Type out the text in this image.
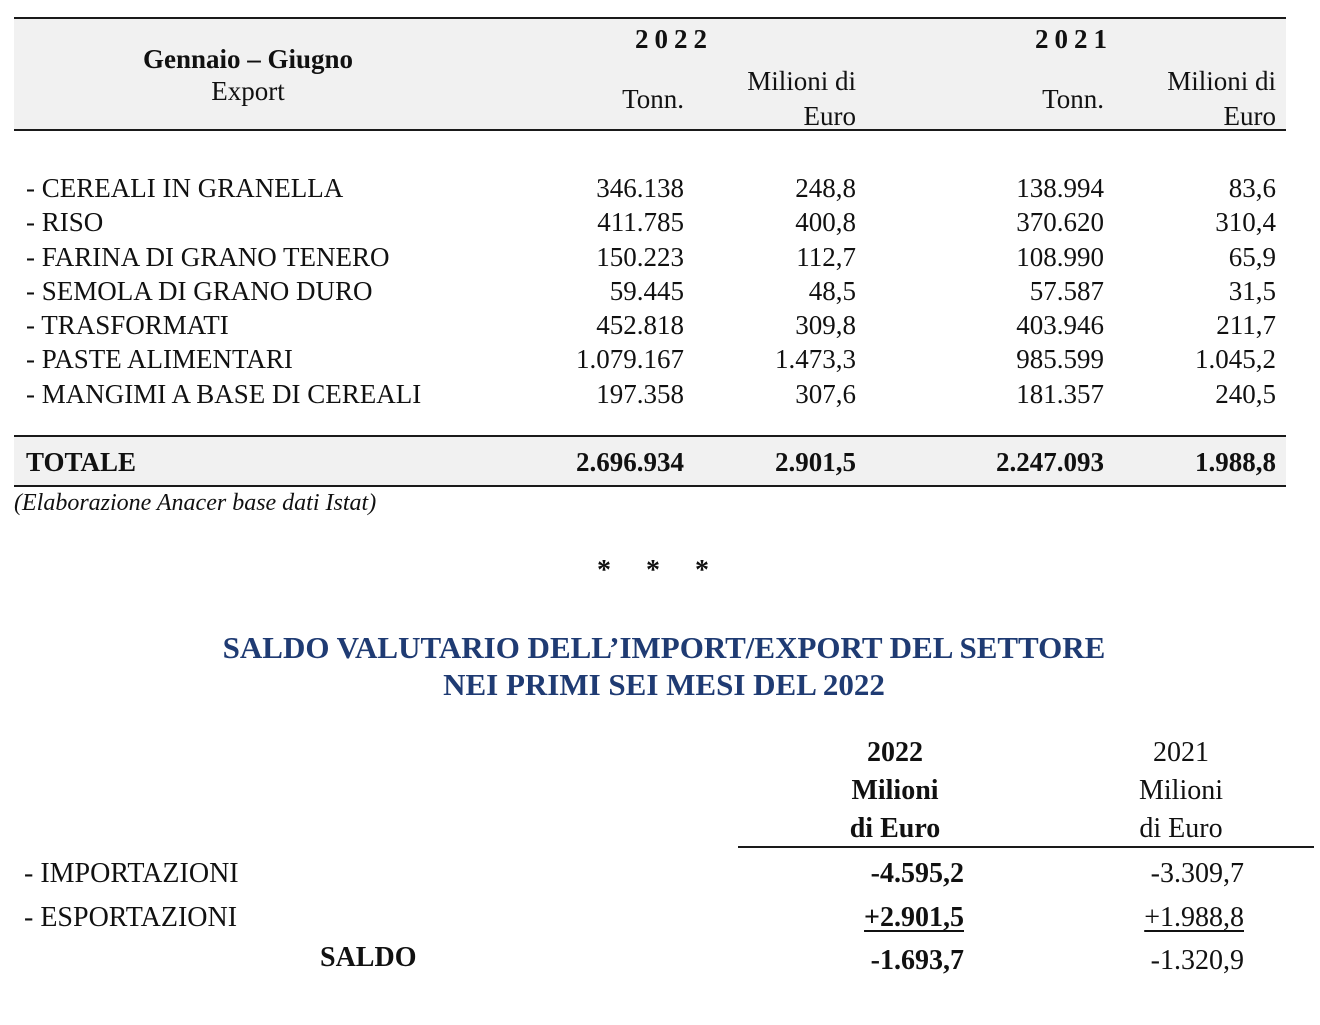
Gennaio – Giugno
Export
2022	2021
Tonn.
Milioni di
Euro
Tonn.
Milioni di
Euro
- CEREALI IN GRANELLA	346.138	248,8	138.994	83,6
- RISO	411.785	400,8	370.620	310,4
- FARINA DI GRANO TENERO	150.223	112,7	108.990	65,9
- SEMOLA DI GRANO DURO	59.445	48,5	57.587	31,5
- TRASFORMATI	452.818	309,8	403.946	211,7
- PASTE ALIMENTARI	1.079.167	1.473,3	985.599	1.045,2
- MANGIMI A BASE DI CEREALI	197.358	307,6	181.357	240,5
TOTALE	2.696.934	2.901,5	2.247.093	1.988,8
(Elaborazione Anacer base dati Istat)
* * *
SALDO VALUTARIO DELL’IMPORT/EXPORT DEL SETTORE
NEI PRIMI SEI MESI DEL 2022
2022
Milioni
di Euro
2021
Milioni
di Euro
- IMPORTAZIONI	-4.595,2	-3.309,7
- ESPORTAZIONI	+2.901,5	+1.988,8
SALDO	-1.693,7	-1.320,9
